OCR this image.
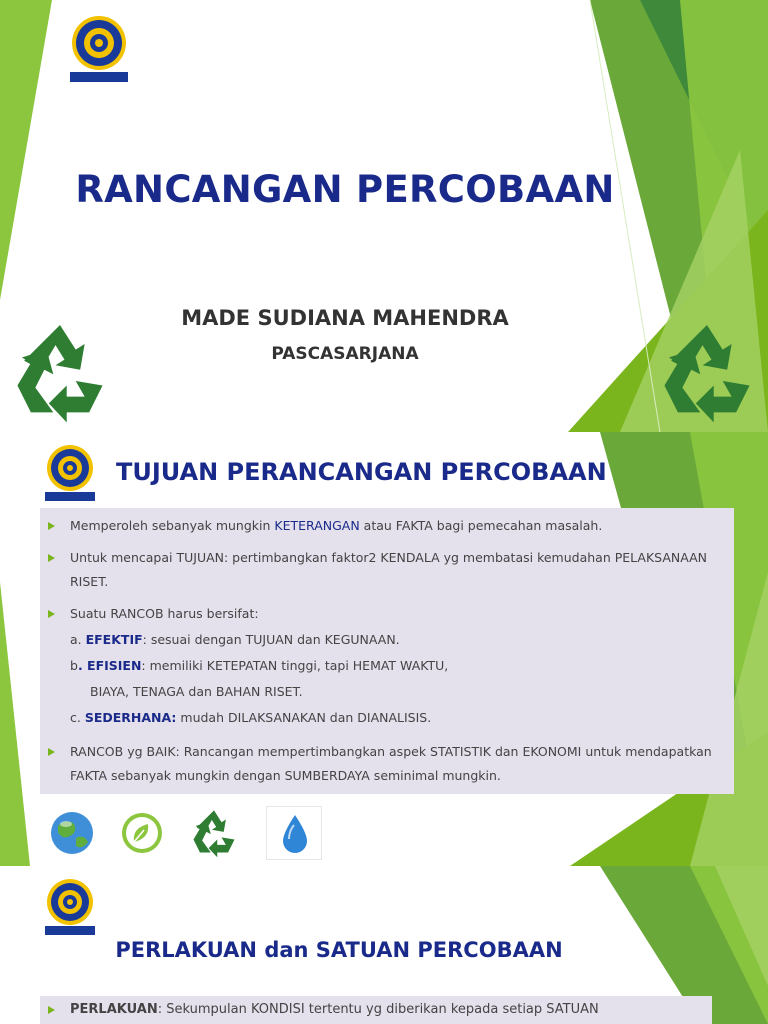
RANCANGAN PERCOBAAN
MADE SUDIANA MAHENDRA
PASCASARJANA
TUJUAN PERANCANGAN PERCOBAAN
Memperoleh sebanyak mungkin KETERANGAN atau FAKTA bagi pemecahan masalah.
Untuk mencapai TUJUAN: pertimbangkan faktor2 KENDALA yg membatasi kemudahan PELAKSANAAN
RISET.
Suatu RANCOB harus bersifat:
a. EFEKTIF: sesuai dengan TUJUAN dan KEGUNAAN.
b. EFISIEN: memiliki KETEPATAN tinggi, tapi HEMAT WAKTU,
BIAYA, TENAGA dan BAHAN RISET.
c. SEDERHANA: mudah DILAKSANAKAN dan DIANALISIS.
RANCOB yg BAIK: Rancangan mempertimbangkan aspek STATISTIK dan EKONOMI untuk mendapatkan
FAKTA sebanyak mungkin dengan SUMBERDAYA seminimal mungkin.
PERLAKUAN dan SATUAN PERCOBAAN
PERLAKUAN: Sekumpulan KONDISI tertentu yg diberikan kepada setiap SATUAN
